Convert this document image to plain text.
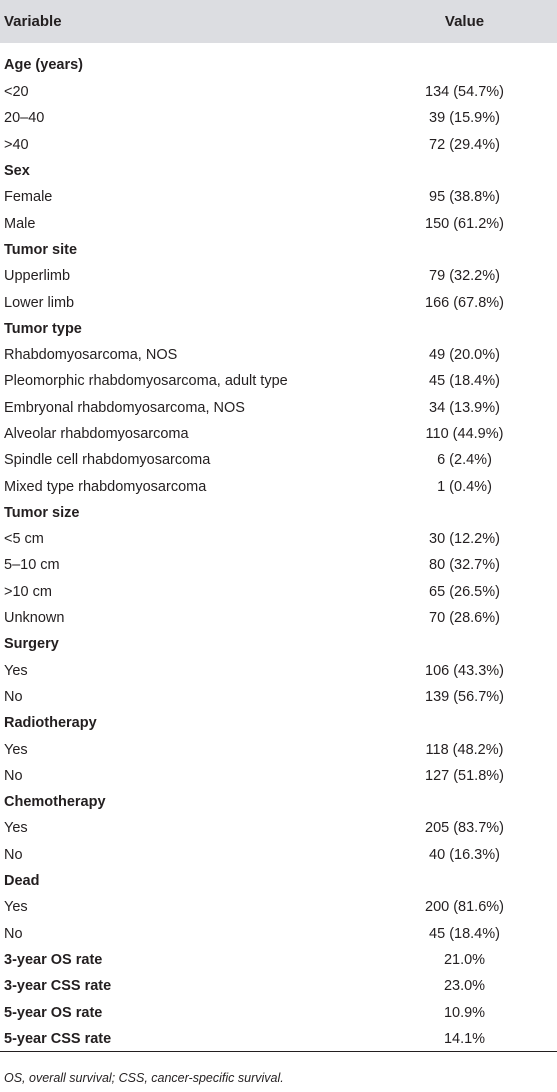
Variable	Value
Age (years)	
<20	134 (54.7%)
20–40	39 (15.9%)
>40	72 (29.4%)
Sex	
Female	95 (38.8%)
Male	150 (61.2%)
Tumor site	
Upperlimb	79 (32.2%)
Lower limb	166 (67.8%)
Tumor type	
Rhabdomyosarcoma, NOS	49 (20.0%)
Pleomorphic rhabdomyosarcoma, adult type	45 (18.4%)
Embryonal rhabdomyosarcoma, NOS	34 (13.9%)
Alveolar rhabdomyosarcoma	110 (44.9%)
Spindle cell rhabdomyosarcoma	6 (2.4%)
Mixed type rhabdomyosarcoma	1 (0.4%)
Tumor size	
<5 cm	30 (12.2%)
5–10 cm	80 (32.7%)
>10 cm	65 (26.5%)
Unknown	70 (28.6%)
Surgery	
Yes	106 (43.3%)
No	139 (56.7%)
Radiotherapy	
Yes	118 (48.2%)
No	127 (51.8%)
Chemotherapy	
Yes	205 (83.7%)
No	40 (16.3%)
Dead	
Yes	200 (81.6%)
No	45 (18.4%)
3-year OS rate	21.0%
3-year CSS rate	23.0%
5-year OS rate	10.9%
5-year CSS rate	14.1%
OS, overall survival; CSS, cancer-specific survival.
